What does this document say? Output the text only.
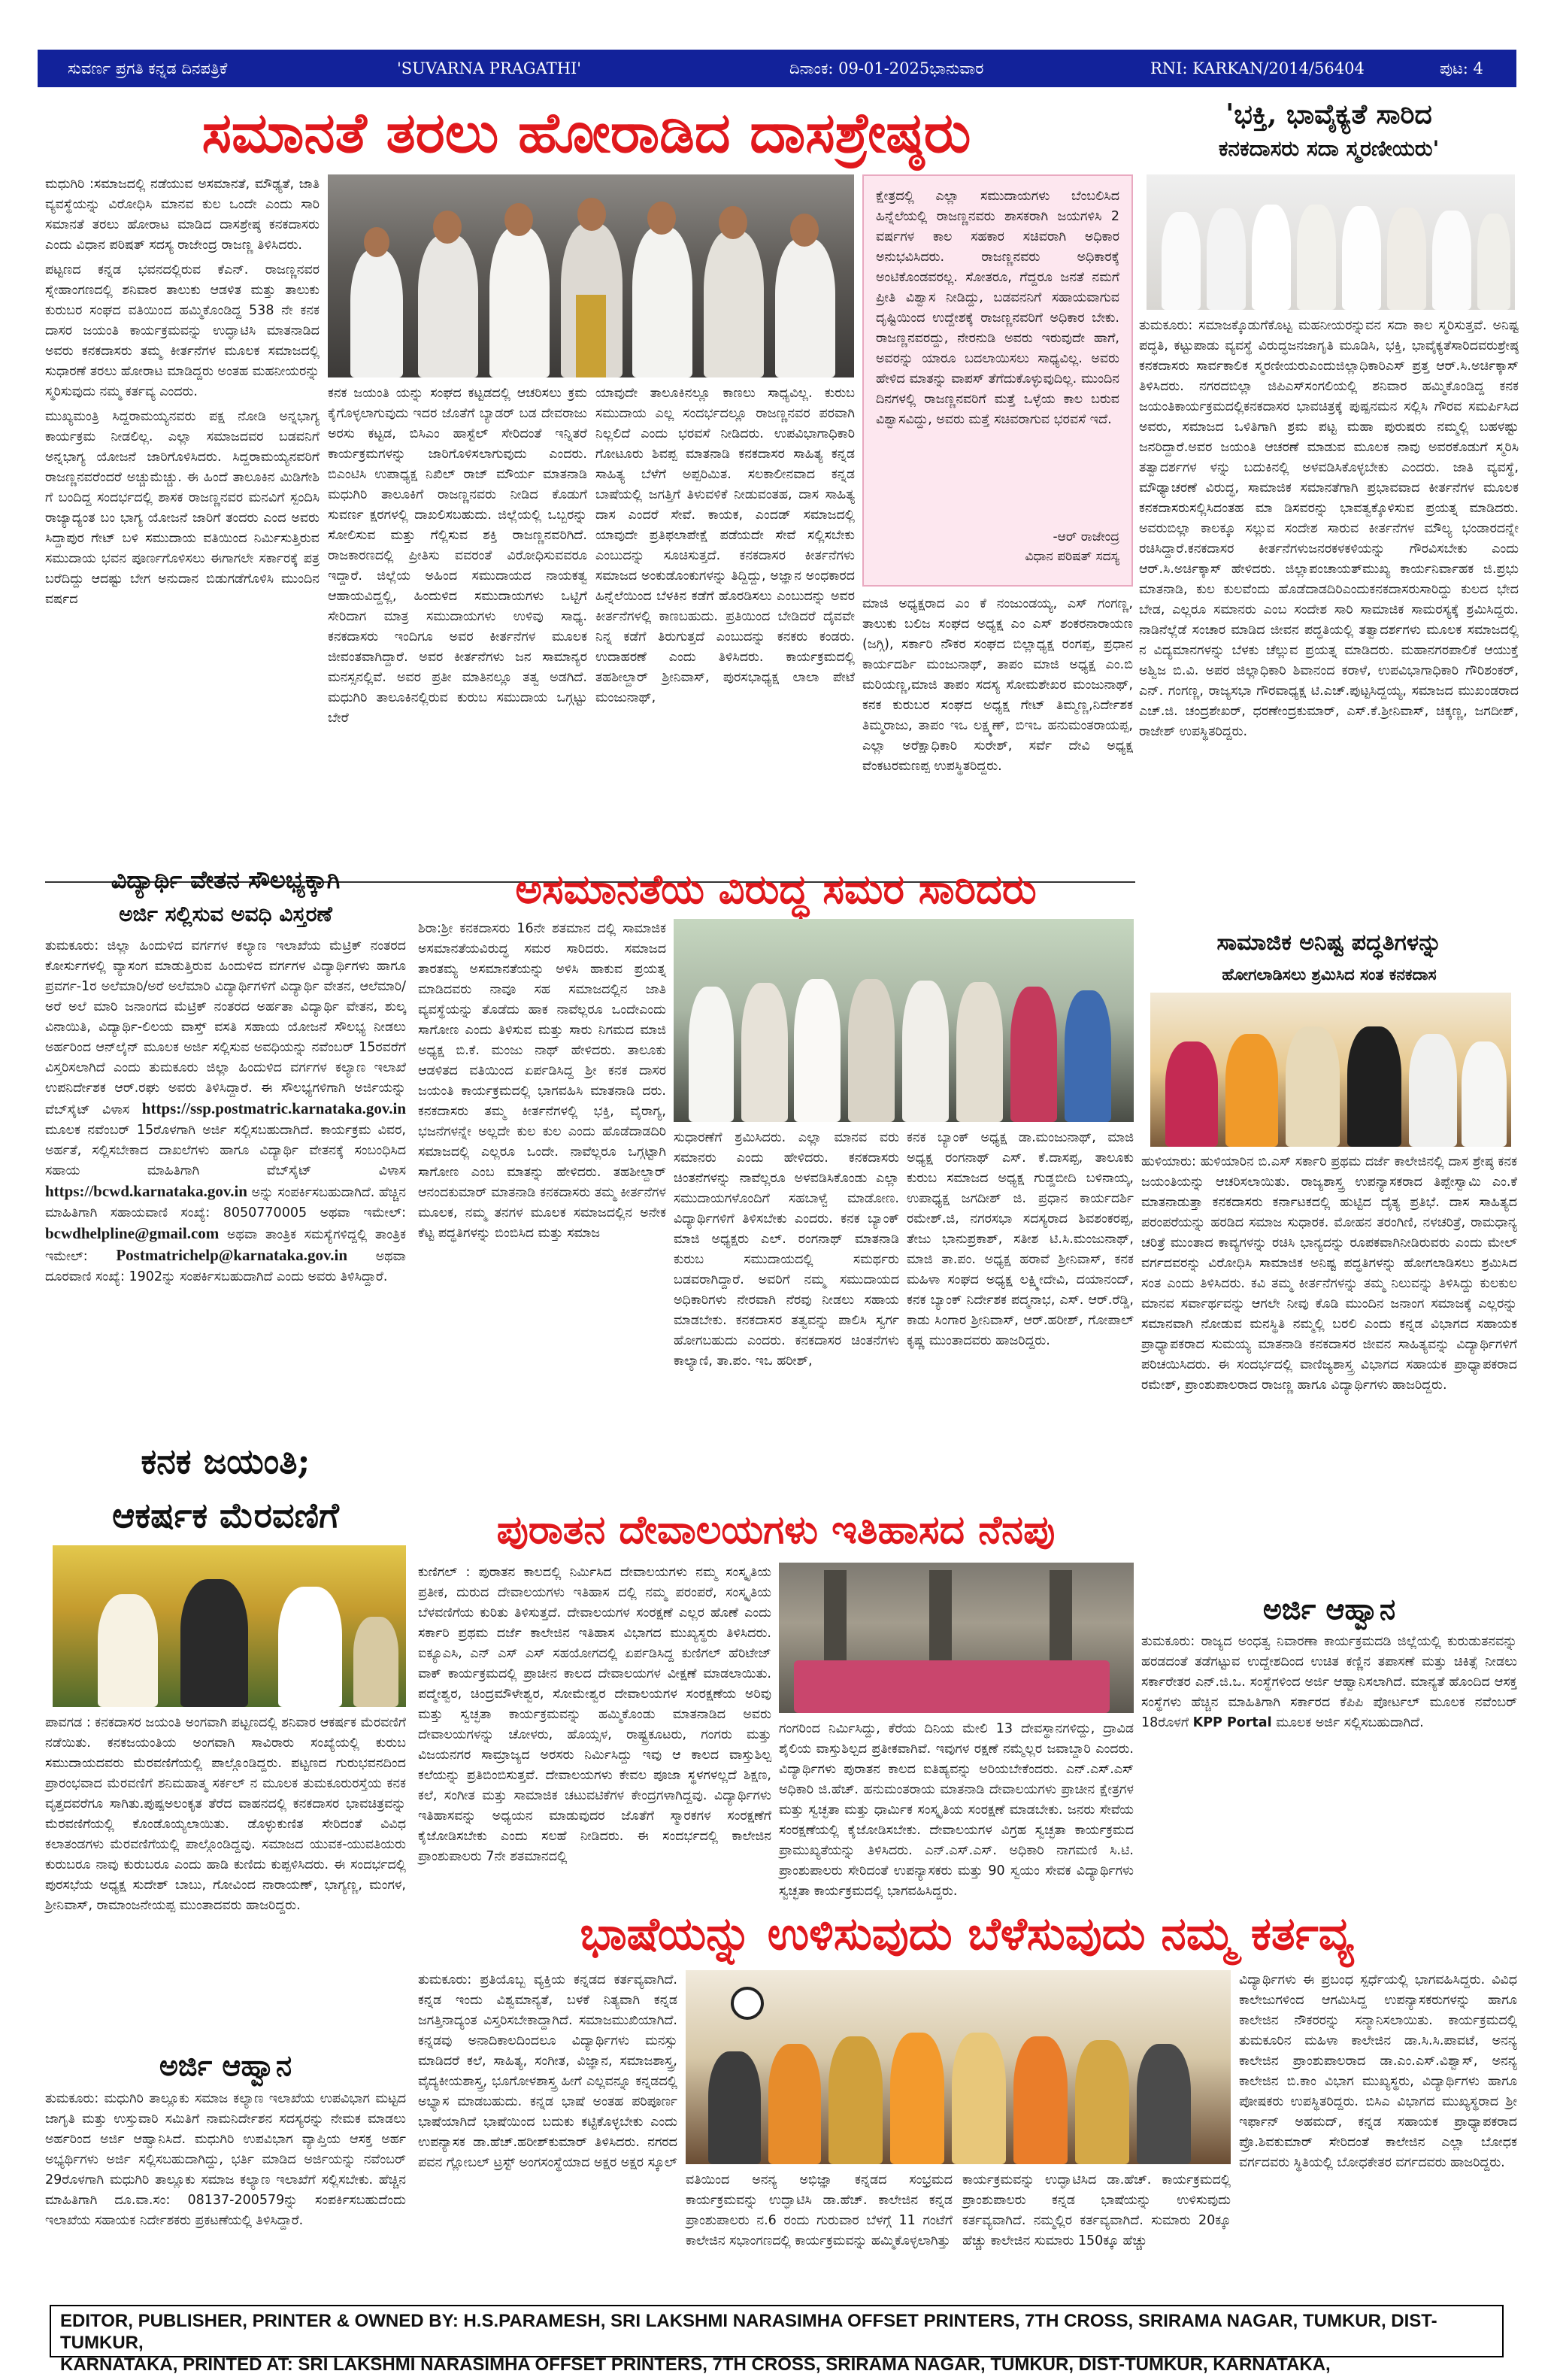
ಸುವರ್ಣ ಪ್ರಗತಿ ಕನ್ನಡ ದಿನಪತ್ರಿಕೆ	'SUVARNA PRAGATHI'	ದಿನಾಂಕ: 09-01-2025ಭಾನುವಾರ	RNI: KARKAN/2014/56404	ಪುಟ: 4
ಸಮಾನತೆ ತರಲು ಹೋರಾಡಿದ ದಾಸಶ್ರೇಷ್ಠರು

ಮಧುಗಿರಿ :ಸಮಾಜದಲ್ಲಿ ನಡೆಯುವ ಅಸಮಾನತೆ, ಮೌಢ್ಯತೆ, ಜಾತಿ ವ್ಯವಸ್ಥೆಯನ್ನು ವಿರೋಧಿಸಿ ಮಾನವ ಕುಲ ಒಂದೇ ಎಂದು ಸಾರಿ ಸಮಾನತೆ ತರಲು ಹೋರಾಟ ಮಾಡಿದ ದಾಸಶ್ರೇಷ್ಠ ಕನಕದಾಸರು ಎಂದು ವಿಧಾನ ಪರಿಷತ್ ಸದಸ್ಯ ರಾಜೇಂದ್ರ ರಾಜಣ್ಣ ತಿಳಿಸಿದರು.

ಪಟ್ಟಣದ ಕನ್ನಡ ಭವನದಲ್ಲಿರುವ ಕೆಎನ್. ರಾಜಣ್ಣನವರ ಸ್ನೇಹಾಂಗಣದಲ್ಲಿ ಶನಿವಾರ ತಾಲುಕು ಆಡಳಿತ ಮತ್ತು ತಾಲುಕು ಕುರುಬರ ಸಂಘದ ವತಿಯಿಂದ ಹಮ್ಮಿಕೊಂಡಿದ್ದ 538 ನೇ ಕನಕ ದಾಸರ ಜಯಂತಿ ಕಾರ್ಯಕ್ರಮವನ್ನು ಉದ್ಘಾಟಿಸಿ ಮಾತನಾಡಿದ ಅವರು ಕನಕದಾಸರು ತಮ್ಮ ಕೀರ್ತನೆಗಳ ಮೂಲಕ ಸಮಾಜದಲ್ಲಿ ಸುಧಾರಣೆ ತರಲು ಹೋರಾಟ ಮಾಡಿದ್ದರು ಅಂತಹ ಮಹನೀಯರನ್ನು ಸ್ಮರಿಸುವುದು ನಮ್ಮ ಕರ್ತವ್ಯ ಎಂದರು.

ಮುಖ್ಯಮಂತ್ರಿ ಸಿದ್ದರಾಮಯ್ಯನವರು ಪಕ್ಷ ನೋಡಿ ಅನ್ನಭಾಗ್ಯ ಕಾರ್ಯಕ್ರಮ ನೀಡಲಿಲ್ಲ. ಎಲ್ಲಾ ಸಮಾಜದವರ ಬಡವನಿಗೆ ಅನ್ನಭಾಗ್ಯ ಯೋಜನೆ ಜಾರಿಗೊಳಿಸಿದರು. ಸಿದ್ದರಾಮಯ್ಯನವರಿಗೆ ರಾಜಣ್ಣನವರೆಂದರೆ ಅಚ್ಚುಮೆಚ್ಚು. ಈ ಹಿಂದೆ ತಾಲೂಕಿನ ಮಿಡಿಗೇಶಿ ಗೆ ಬಂದಿದ್ದ ಸಂದರ್ಭದಲ್ಲಿ ಶಾಸಕ ರಾಜಣ್ಣನವರ ಮನವಿಗೆ ಸ್ಪಂದಿಸಿ ರಾಜ್ಯಾದ್ಯಂತ ಬಂ ಭಾಗ್ಯ ಯೋಜನೆ ಜಾರಿಗೆ ತಂದರು ಎಂದ ಅವರು ಸಿದ್ದಾಪುರ ಗೇಟ್ ಬಳಿ ಸಮುದಾಯ ವತಿಯಿಂದ ನಿರ್ಮಿಸುತ್ತಿರುವ ಸಮುದಾಯ ಭವನ ಪೂರ್ಣಗೊಳಿಸಲು ಈಗಾಗಲೇ ಸರ್ಕಾರಕ್ಕೆ ಪತ್ರ ಬರೆದಿದ್ದು ಆದಷ್ಟು ಬೇಗ ಅನುದಾನ ಬಿಡುಗಡೆಗೊಳಿಸಿ ಮುಂದಿನ ವರ್ಷದ

ಕನಕ ಜಯಂತಿ ಯನ್ನು ಸಂಘದ ಕಟ್ಟಡದಲ್ಲಿ ಆಚರಿಸಲು ಕ್ರಮ ಕೈಗೊಳ್ಳಲಾಗುವುದು ಇದರ ಜೊತೆಗೆ ಬ್ಯಾಡರ್ ಬಡ ದೇವರಾಜು ಅರಸು ಕಟ್ಟಡ, ಬಿಸಿಎಂ ಹಾಸ್ಟೆಲ್ ಸೇರಿದಂತೆ ಇನ್ನಿತರೆ ಕಾರ್ಯಕ್ರಮಗಳನ್ನು ಜಾರಿಗೊಳಿಸಲಾಗುವುದು ಎಂದರು. ಬಿಎಂಟಿಸಿ ಉಪಾಧ್ಯಕ್ಷ ನಿಖಿಲ್ ರಾಜ್ ಮೌರ್ಯ ಮಾತನಾಡಿ ಮಧುಗಿರಿ ತಾಲೂಕಿಗೆ ರಾಜಣ್ಣನವರು ನೀಡಿದ ಕೊಡುಗೆ ಸುವರ್ಣ ಕ್ಷರಗಳಲ್ಲಿ ದಾಖಲಿಸಬಹುದು. ಜಿಲ್ಲೆಯಲ್ಲಿ ಒಬ್ಬರನ್ನು ಸೋಲಿಸುವ ಮತ್ತು ಗೆಲ್ಲಿಸುವ ಶಕ್ತಿ ರಾಜಣ್ಣನವರಿಗಿದೆ. ರಾಜಕಾರಣದಲ್ಲಿ ಪ್ರೀತಿಸು ವವರಂತೆ ವಿರೋಧಿಸುವವರೂ ಇದ್ದಾರೆ. ಜಿಲ್ಲೆಯ ಅಹಿಂದ ಸಮುದಾಯದ ನಾಯಕತ್ವ ಆಹಾಯವಿದ್ದಲ್ಲಿ, ಹಿಂದುಳಿದ ಸಮುದಾಯಗಳು ಒಟ್ಟಿಗೆ ಸೇರಿದಾಗ ಮಾತ್ರ ಸಮುದಾಯಗಳು ಉಳಿವು ಸಾಧ್ಯ. ಕನಕದಾಸರು ಇಂದಿಗೂ ಅವರ ಕೀರ್ತನೆಗಳ ಮೂಲಕ ಜೀವಂತವಾಗಿದ್ದಾರೆ. ಅವರ ಕೀರ್ತನೆಗಳು ಜನ ಸಾಮಾನ್ಯರ ಮನಸ್ಸನಲ್ಲಿವೆ. ಅವರ ಪ್ರತೀ ಮಾತಿನಲ್ಲೂ ತತ್ವ ಅಡಗಿದೆ. ಮಧುಗಿರಿ ತಾಲೂಕಿನಲ್ಲಿರುವ ಕುರುಬ ಸಮುದಾಯ ಒಗ್ಗಟ್ಟು ಬೇರೆ
ಯಾವುದೇ ತಾಲೂಕಿನಲ್ಲೂ ಕಾಣಲು ಸಾಧ್ಯವಿಲ್ಲ. ಕುರುಬ ಸಮುದಾಯ ಎಲ್ಲ ಸಂದರ್ಭದಲ್ಲೂ ರಾಜಣ್ಣನವರ ಪರವಾಗಿ ನಿಲ್ಲಲಿದೆ ಎಂದು ಭರವಸೆ ನೀಡಿದರು. ಉಪವಿಭಾಗಾಧಿಕಾರಿ ಗೋಟೂರು ಶಿವಪ್ಪ ಮಾತನಾಡಿ ಕನಕದಾಸರ ಸಾಹಿತ್ಯ ಕನ್ನಡ ಸಾಹಿತ್ಯ ಬೆಳೆಗೆ ಅಪ್ಪರಿಮಿತ. ಸಲಕಾಲೀನವಾದ ಕನ್ನಡ ಬಾಷೆಯಲ್ಲಿ ಜಗತ್ತಿಗೆ ತಿಳುವಳಿಕೆ ನೀಡುವಂತಹ, ದಾಸ ಸಾಹಿತ್ಯ ದಾಸ ಎಂದರೆ ಸೇವೆ. ಕಾಯಕ, ಎಂದಡ್ ಸಮಾಜದಲ್ಲಿ ಯಾವುದೇ ಪ್ರತಿಫಲಾಪೇಕ್ಷೆ ಪಡೆಯದೇ ಸೇವೆ ಸಲ್ಲಿಸಬೇಕು ಎಂಬುದನ್ನು ಸೂಚಿಸುತ್ತದೆ. ಕನಕದಾಸರ ಕೀರ್ತನೆಗಳು ಸಮಾಜದ ಅಂಕುಡೊಂಕುಗಳನ್ನು ತಿದ್ದಿದ್ದು, ಅಜ್ಞಾನ ಅಂಧಕಾರದ ಹಿನ್ನೆಲೆಯಿಂದ ಬೆಳಕಿನ ಕಡೆಗೆ ಹೊರಡಿಸಲು ಎಂಬುದನ್ನು ಅವರ ಕೀರ್ತನೆಗಳಲ್ಲಿ ಕಾಣಬಹುದು. ಪ್ರತಿಯಿಂದ ಬೇಡಿದರೆ ದೈವವೇ ನಿನ್ನ ಕಡೆಗೆ ತಿರುಗುತ್ತದೆ ಎಂಬುದನ್ನು ಕನಕರು ಕಂಡರು. ಉದಾಹರಣೆ ಎಂದು ತಿಳಿಸಿದರು. ಕಾರ್ಯಕ್ರಮದಲ್ಲಿ ತಹಶೀಲ್ದಾರ್ ಶ್ರೀನಿವಾಸ್, ಪುರಸಭಾಧ್ಯಕ್ಷ ಲಾಲಾ ಪೇಟೆ ಮಂಜುನಾಥ್,
ಕ್ಷೇತ್ರದಲ್ಲಿ ಎಲ್ಲಾ ಸಮುದಾಯಗಳು ಬೆಂಬಲಿಸಿದ ಹಿನ್ನೆಲೆಯಲ್ಲಿ ರಾಜಣ್ಣನವರು ಶಾಸಕರಾಗಿ ಜಯಗಳಿಸಿ 2 ವರ್ಷಗಳ ಕಾಲ ಸಹಕಾರ ಸಚಿವರಾಗಿ ಅಧಿಕಾರ ಅನುಭವಿಸಿದರು. ರಾಜಣ್ಣನವರು ಅಧಿಕಾರಕ್ಕೆ ಅಂಟಿಕೊಂಡವರಲ್ಲ. ಸೋತರೂ, ಗೆದ್ದರೂ ಜನತೆ ನಮಗೆ ಪ್ರೀತಿ ವಿಶ್ವಾಸ ನೀಡಿದ್ದು, ಬಡವನನಿಗೆ ಸಹಾಯವಾಗುವ ದೃಷ್ಟಿಯಿಂದ ಉದ್ದೇಶಕ್ಕೆ ರಾಜಣ್ಣನವರಿಗೆ ಅಧಿಕಾರ ಬೇಕು. ರಾಜಣ್ಣನವರದ್ದು, ನೇರನುಡಿ ಅವರು ಇರುವುದೇ ಹಾಗೆ, ಅವರನ್ನು ಯಾರೂ ಬದಲಾಯಿಸಲು ಸಾಧ್ಯವಿಲ್ಲ. ಅವರು ಹೇಳಿದ ಮಾತನ್ನು ವಾಪಸ್ ತೆಗೆದುಕೊಳ್ಳುವುದಿಲ್ಲ. ಮುಂದಿನ ದಿನಗಳಲ್ಲಿ ರಾಜಣ್ಣನವರಿಗೆ ಮತ್ತೆ ಒಳ್ಳೆಯ ಕಾಲ ಬರುವ ವಿಶ್ವಾಸವಿದ್ದು, ಅವರು ಮತ್ತೆ ಸಚಿವರಾಗುವ ಭರವಸೆ ಇದೆ.
-ಆರ್ ರಾಜೇಂದ್ರ
ವಿಧಾನ ಪರಿಷತ್ ಸದಸ್ಯ
ಮಾಜಿ ಅಧ್ಯಕ್ಷರಾದ ಎಂ ಕೆ ನಂಜುಂಡಯ್ಯ, ಎಸ್ ಗಂಗಣ್ಣ, ತಾಲುಕು ಬಲಿಜ ಸಂಘದ ಅಧ್ಯಕ್ಷ ಎಂ ಎಸ್ ಶಂಕರನಾರಾಯಣ (ಜಗ್ಗಿ), ಸರ್ಕಾರಿ ನೌಕರ ಸಂಘದ ಬಿಲ್ಲಾಧ್ಯಕ್ಷ ರಂಗಪ್ಪ, ಪ್ರಧಾನ ಕಾರ್ಯದರ್ಶಿ ಮಂಜುನಾಥ್, ತಾಪಂ ಮಾಜಿ ಅಧ್ಯಕ್ಷ ಎಂ.ಬಿ ಮರಿಯಣ್ಣ,ಮಾಜಿ ತಾಪಂ ಸದಸ್ಯ ಸೋಮಶೇಖರ ಮಂಜುನಾಥ್, ಕನಕ ಕುರುಬರ ಸಂಘದ ಅಧ್ಯಕ್ಷ ಗೇಟ್ ತಿಮ್ಮಣ್ಣ,ನಿರ್ದೇಶಕ ತಿಮ್ಮರಾಜು, ತಾಪಂ ಇಒ ಲಕ್ಷ್ಮಣ್, ಬಿಇಒ ಹನುಮಂತರಾಯಪ್ಪ, ಎಲ್ಲಾ ಅರೆಕ್ಷಾಧಿಕಾರಿ ಸುರೇಶ್, ಸರ್ವೆ ದೇವಿ ಅಧ್ಯಕ್ಷ ವೆಂಕಟರಮಣಪ್ಪ ಉಪಸ್ಥಿತರಿದ್ದರು.
'ಭಕ್ತಿ, ಭಾವೈಕ್ಯತೆ ಸಾರಿದ
ಕನಕದಾಸರು ಸದಾ ಸ್ಮರಣೀಯರು'
ತುಮಕೂರು: ಸಮಾಜಕ್ಕೊಡುಗೆಕೊಟ್ಟ ಮಹನೀಯರನ್ನುವನ ಸದಾ ಕಾಲ ಸ್ಮರಿಸುತ್ತವೆ. ಅನಿಷ್ಟ ಪದ್ಧತಿ, ಕಟ್ಟುಪಾಡು ವ್ಯವಸ್ಥೆ ವಿರುದ್ಧಜನಜಾಗೃತಿ ಮೂಡಿಸಿ, ಭಕ್ತಿ, ಭಾವೈಕ್ಯತೆಸಾರಿದವರುಶ್ರೇಷ್ಠ ಕನಕದಾಸರು ಸಾರ್ವಕಾಲಿಕ ಸ್ಮರಣೀಯರುಎಂದುಜಿಲ್ಲಾಧಿಕಾರಿಎಸ್ ಪ್ರತ್ತ ಆರ್.ಸಿ.ಅರ್ಚಿಕ್ಕಾಸ್ ತಿಳಿಸಿದರು. ನಗರದಬಿಲ್ಲಾ ಜಿಪಿಎಸ್‌ಸಂಗಲಿಯಲ್ಲಿ ಶನಿವಾರ ಹಮ್ಮಿಕೊಂಡಿದ್ದ ಕನಕ ಜಯಂತಿಕಾರ್ಯಕ್ರಮದಲ್ಲಿಕನಕದಾಸರ ಭಾವಚಿತ್ರಕ್ಕೆ ಪುಷ್ಪನಮನ ಸಲ್ಲಿಸಿ ಗೌರವ ಸಮರ್ಪಿಸಿದ ಅವರು, ಸಮಾಜದ ಒಳಿತಿಗಾಗಿ ಶ್ರಮ ಪಟ್ಟ ಮಹಾ ಪುರುಷರು ನಮ್ಮಲ್ಲಿ ಬಹಳಷ್ಟು ಜನರಿದ್ದಾರೆ.ಅವರ ಜಯಂತಿ ಆಚರಣೆ ಮಾಡುವ ಮೂಲಕ ನಾವು ಅವರಕೊಡುಗೆ ಸ್ಮರಿಸಿ ತತ್ವಾದರ್ಶಗಳ ಳನ್ನು ಬದುಕಿನಲ್ಲಿ ಅಳವಡಿಸಿಕೊಳ್ಳಬೇಕು ಎಂದರು. ಜಾತಿ ವ್ಯವಸ್ಥೆ, ಮೌಢ್ಯಾಚರಣೆ ವಿರುದ್ಧ, ಸಾಮಾಜಿಕ ಸಮಾನತೆಗಾಗಿ ಪ್ರಭಾವವಾದ ಕೀರ್ತನೆಗಳ ಮೂಲಕ ಕನಕದಾಸರುಸಲ್ಲಿಸಿದಂತಹ ಮಾ ಡಿಸವರನ್ನು ಭಾವತ್ವಕ್ಕೊಳಿಸುವ ಪ್ರಯತ್ನ ಮಾಡಿದರು. ಅವರುಬಿಲ್ಲಾ ಕಾಲಕ್ಕೂ ಸಲ್ಲುವ ಸಂದೇಶ ಸಾರುವ ಕೀರ್ತನೆಗಳ ಮೌಲ್ಯ ಭಂಡಾರದನ್ನೇ ರಚಿಸಿದ್ದಾರೆ.ಕನಕದಾಸರ ಕೀರ್ತನೆಗಳುಜನರಕಳಕಳಿಯನ್ನು ಗೌರವಿಸಬೇಕು ಎಂದು ಆರ್.ಸಿ.ಅರ್ಚಿಕ್ಕಾಸ್ ಹೇಳಿದರು. ಜಿಲ್ಲಾಪಂಚಾಯತ್‌ಮುಖ್ಯ ಕಾರ್ಯನಿರ್ವಾಹಕ ಜಿ.ಪ್ರಭು ಮಾತನಾಡಿ, ಕುಲ ಕುಲವೆಂದು ಹೊಡೆದಾಡದಿರಿಎಂದುಕನಕದಾಸರುಸಾರಿದ್ದು ಕುಲದ ಭೇದ ಬೇಡ, ಎಲ್ಲರೂ ಸಮಾನರು ಎಂಬ ಸಂದೇಶ ಸಾರಿ ಸಾಮಾಜಿಕ ಸಾಮರಸ್ಯಕ್ಕೆ ಶ್ರಮಿಸಿದ್ದರು. ನಾಡಿನೆಲ್ಲೆಡೆ ಸಂಚಾರ ಮಾಡಿದ ಜೀವನ ಪದ್ಧತಿಯಲ್ಲಿ ತತ್ವಾದರ್ಶಗಳು ಮೂಲಕ ಸಮಾಜದಲ್ಲಿ ನ ವಿದ್ಯಮಾನಗಳನ್ನು ಬೆಳಕು ಚೆಲ್ಲುವ ಪ್ರಯತ್ನ ಮಾಡಿದರು. ಮಹಾನಗರಪಾಲಿಕೆ ಆಯುಕ್ತೆ ಅಶ್ವಿಜ ಬಿ.ವಿ. ಅಪರ ಜಿಲ್ಲಾಧಿಕಾರಿ ಶಿವಾನಂದ ಕರಾಳೆ, ಉಪವಿಭಾಗಾಧಿಕಾರಿ ಗೌರಿಶಂಕರ್, ಎನ್. ಗಂಗಣ್ಣ, ರಾಜ್ಯಸಭಾ ಗೌರವಾಧ್ಯಕ್ಷ ಟಿ.ಎಚ್.ಪುಟ್ಟಸಿದ್ದಯ್ಯ, ಸಮಾಜದ ಮುಖಂಡರಾದ ಎಚ್.ಜಿ. ಚಂದ್ರಶೇಖರ್, ಧರಣೇಂದ್ರಕುಮಾರ್, ಎಸ್.ಕೆ.ಶ್ರೀನಿವಾಸ್, ಚಿಕ್ಕಣ್ಣ, ಜಗದೀಶ್, ರಾಜೇಶ್ ಉಪಸ್ಥಿತರಿದ್ದರು.
ವಿದ್ಯಾರ್ಥಿ ವೇತನ ಸೌಲಭ್ಯಕ್ಕಾಗಿ
ಅರ್ಜಿ ಸಲ್ಲಿಸುವ ಅವಧಿ ವಿಸ್ತರಣೆ
ತುಮಕೂರು: ಜಿಲ್ಲಾ ಹಿಂದುಳಿದ ವರ್ಗಗಳ ಕಲ್ಯಾಣ ಇಲಾಖೆಯ ಮೆಟ್ರಿಕ್ ನಂತರದ ಕೋರ್ಸುಗಳಲ್ಲಿ ವ್ಯಾಸಂಗ ಮಾಡುತ್ತಿರುವ ಹಿಂದುಳಿದ ವರ್ಗಗಳ ವಿದ್ಯಾರ್ಥಿಗಳು ಹಾಗೂ ಪ್ರವರ್ಗ-1ರ ಅಲೆಮಾರಿ/ಅರೆ ಅಲೆಮಾರಿ ವಿದ್ಯಾರ್ಥಿಗಳಿಗೆ ವಿದ್ಯಾರ್ಥಿ ವೇತನ, ಆಲೆಮಾರಿ/ಅರೆ ಅಲೆ ಮಾರಿ ಜನಾಂಗದ ಮೆಟ್ರಿಕ್ ನಂತರದ ಅರ್ಹತಾ ವಿದ್ಯಾರ್ಥಿ ವೇತನ, ಶುಲ್ಕ ವಿನಾಯಿತಿ, ವಿದ್ಯಾರ್ಥಿ-ಲಿಲಯ ವಾಸ್ತ್ ವಸತಿ ಸಹಾಯ ಯೋಜನೆ ಸೌಲಭ್ಯ ನೀಡಲು ಅರ್ಹರಿಂದ ಆನ್‌ಲೈನ್ ಮೂಲಕ ಅರ್ಜಿ ಸಲ್ಲಿಸುವ ಅವಧಿಯನ್ನು ನವೆಂಬರ್ 15ರವರೆಗೆ ವಿಸ್ತರಿಸಲಾಗಿದೆ ಎಂದು ತುಮಕೂರು ಜಿಲ್ಲಾ ಹಿಂದುಳಿದ ವರ್ಗಗಳ ಕಲ್ಯಾಣ ಇಲಾಖೆ ಉಪನಿರ್ದೇಶಕ ಆರ್.ರಘು ಅವರು ತಿಳಿಸಿದ್ದಾರೆ. ಈ ಸೌಲಭ್ಯಗಳಿಗಾಗಿ ಅರ್ಜಿಯನ್ನು ವೆಬ್‌ಸೈಟ್ ವಿಳಾಸ https://ssp.postmatric.karnataka.gov.in ಮೂಲಕ ನವೆಂಬರ್ 15ರೊಳಗಾಗಿ ಅರ್ಜಿ ಸಲ್ಲಿಸಬಹುದಾಗಿದೆ. ಕಾರ್ಯಕ್ರಮ ವಿವರ, ಅರ್ಹತೆ, ಸಲ್ಲಿಸಬೇಕಾದ ದಾಖಲೆಗಳು ಹಾಗೂ ವಿದ್ಯಾರ್ಥಿ ವೇತನಕ್ಕೆ ಸಂಬಂಧಿಸಿದ ಸಹಾಯ ಮಾಹಿತಿಗಾಗಿ ವೆಬ್‌ಸೈಟ್ ವಿಳಾಸ https://bcwd.karnataka.gov.in ಅನ್ನು ಸಂಪರ್ಕಿಸಬಹುದಾಗಿದೆ. ಹೆಚ್ಚಿನ ಮಾಹಿತಿಗಾಗಿ ಸಹಾಯವಾಣಿ ಸಂಖ್ಯೆ: 8050770005 ಅಥವಾ ಇಮೇಲ್: bcwdhelpline@gmail.com ಅಥವಾ ತಾಂತ್ರಿಕ ಸಮಸ್ಯೆಗಳಿದ್ದಲ್ಲಿ ತಾಂತ್ರಿಕ ಇಮೇಲ್: Postmatrichelp@karnataka.gov.in ಅಥವಾ ದೂರವಾಣಿ ಸಂಖ್ಯೆ: 1902ನ್ನು ಸಂಪರ್ಕಿಸಬಹುದಾಗಿದೆ ಎಂದು ಅವರು ತಿಳಿಸಿದ್ದಾರೆ.
ಕನಕ ಜಯಂತಿ;
ಆಕರ್ಷಕ ಮೆರವಣಿಗೆ
ಪಾವಗಡ : ಕನಕದಾಸರ ಜಯಂತಿ ಅಂಗವಾಗಿ ಪಟ್ಟಣದಲ್ಲಿ ಶನಿವಾರ ಆಕರ್ಷಕ ಮೆರವಣಿಗೆ ನಡೆಯಿತು. ಕನಕಜಯಂತಿಯ ಅಂಗವಾಗಿ ಸಾವಿರಾರು ಸಂಖ್ಯೆಯಲ್ಲಿ ಕುರುಬ ಸಮುದಾಯದವರು ಮೆರವಣಿಗೆಯಲ್ಲಿ ಪಾಲ್ಗೊಂಡಿದ್ದರು. ಪಟ್ಟಣದ ಗುರುಭವನದಿಂದ ಪ್ರಾರಂಭವಾದ ಮೆರವಣಿಗೆ ಶನಿಮಹಾತ್ಮ ಸರ್ಕಲ್ ನ ಮೂಲಕ ತುಮಕೂರುರಸ್ತೆಯ ಕನಕ ವೃತ್ತದವರೆಗೂ ಸಾಗಿತು.ಪುಷ್ಪಅಲಂಕೃತ ತೆರೆದ ವಾಹನದಲ್ಲಿ ಕನಕದಾಸರ ಭಾವಚಿತ್ರವನ್ನು ಮೆರವಣಿಗೆಯಲ್ಲಿ ಕೊಂಡೊಯ್ಯಲಾಯಿತು. ಡೊಳ್ಳುಕುಣಿತ ಸೇರಿದಂತೆ ವಿವಿಧ ಕಲಾತಂಡಗಳು ಮೆರವಣಿಗೆಯಲ್ಲಿ ಪಾಲ್ಗೊಂಡಿದ್ದವು. ಸಮಾಜದ ಯುವಕ-ಯುವತಿಯರು ಕುರುಬರೂ ನಾವು ಕುರುಬರೂ ಎಂದು ಹಾಡಿ ಕುಣಿದು ಕುಪ್ಪಳಿಸಿದರು. ಈ ಸಂದರ್ಭದಲ್ಲಿ ಪುರಸಭೆಯ ಅಧ್ಯಕ್ಷ ಸುದೇಶ್ ಬಾಬು, ಗೋವಿಂದ ನಾರಾಯಣ್, ಭಾಗ್ಯಣ್ಣ, ಮಂಗಳ, ಶ್ರೀನಿವಾಸ್, ರಾಮಾಂಜನೇಯಪ್ಪ ಮುಂತಾದವರು ಹಾಜರಿದ್ದರು.
ಅರ್ಜಿ ಆಹ್ವಾನ
ತುಮಕೂರು: ಮಧುಗಿರಿ ತಾಲ್ಲೂಕು ಸಮಾಜ ಕಲ್ಯಾಣ ಇಲಾಖೆಯ ಉಪವಿಭಾಗ ಮಟ್ಟದ ಜಾಗೃತಿ ಮತ್ತು ಉಸ್ತುವಾರಿ ಸಮಿತಿಗೆ ನಾಮನಿರ್ದೇಶನ ಸದಸ್ಯರನ್ನು ನೇಮಕ ಮಾಡಲು ಅರ್ಹರಿಂದ ಅರ್ಜಿ ಆಹ್ವಾನಿಸಿದೆ. ಮಧುಗಿರಿ ಉಪವಿಭಾಗ ವ್ಯಾಪ್ತಿಯ ಆಸಕ್ತ ಅರ್ಹ ಅಭ್ಯರ್ಥಿಗಳು ಅರ್ಜಿ ಸಲ್ಲಿಸಬಹುದಾಗಿದ್ದು, ಭರ್ತಿ ಮಾಡಿದ ಅರ್ಜಿಯನ್ನು ನವೆಂಬರ್ 29ರೊಳಗಾಗಿ ಮಧುಗಿರಿ ತಾಲ್ಲೂಕು ಸಮಾಜ ಕಲ್ಯಾಣ ಇಲಾಖೆಗೆ ಸಲ್ಲಿಸಬೇಕು. ಹೆಚ್ಚಿನ ಮಾಹಿತಿಗಾಗಿ ದೂ.ವಾ.ಸಂ: 08137-200579ನ್ನು ಸಂಪರ್ಕಿಸಬಹುದೆಂದು ಇಲಾಖೆಯ ಸಹಾಯಕ ನಿರ್ದೇಶಕರು ಪ್ರಕಟಣೆಯಲ್ಲಿ ತಿಳಿಸಿದ್ದಾರೆ.
ಅಸಮಾನತೆಯ ವಿರುದ್ಧ ಸಮರ ಸಾರಿದರು
ಶಿರಾ:ಶ್ರೀ ಕನಕದಾಸರು 16ನೇ ಶತಮಾನ ದಲ್ಲಿ ಸಾಮಾಜಿಕ ಅಸಮಾನತೆಯವಿರುದ್ಧ ಸಮರ ಸಾರಿದರು. ಸಮಾಜದ ತಾರತಮ್ಯ ಅಸಮಾನತೆಯನ್ನು ಅಳಿಸಿ ಹಾಕುವ ಪ್ರಯತ್ನ ಮಾಡಿದವರು ನಾವೂ ಸಹ ಸಮಾಜದಲ್ಲಿನ ಜಾತಿ ವ್ಯವಸ್ಥೆಯನ್ನು ತೊಡೆದು ಹಾಕ ನಾವೆಲ್ಲರೂ ಒಂದೇಎಂದು ಸಾಗೋಣ ಎಂದು ತಿಳಿಸುವ ಮತ್ತು ಸಾರು ನಿಗಮದ ಮಾಜಿ ಅಧ್ಯಕ್ಷ ಬಿ.ಕೆ. ಮಂಜು ನಾಥ್ ಹೇಳಿದರು. ತಾಲೂಕು ಆಡಳಿತದ ವತಿಯಿಂದ ಏರ್ಪಡಿಸಿದ್ದ ಶ್ರೀ ಕನಕ ದಾಸರ ಜಯಂತಿ ಕಾರ್ಯಕ್ರಮದಲ್ಲಿ ಭಾಗವಹಿಸಿ ಮಾತನಾಡಿ ದರು. ಕನಕದಾಸರು ತಮ್ಮ ಕೀರ್ತನೆಗಳಲ್ಲಿ ಭಕ್ತಿ, ವೈರಾಗ್ಯ, ಭಜನೆಗಳನ್ನೇ ಅಲ್ಲದೇ ಕುಲ ಕುಲ ಎಂದು ಹೊಡೆದಾಡದಿರಿ ಸಮಾಜದಲ್ಲಿ ಎಲ್ಲರೂ ಒಂದೇ. ನಾವೆಲ್ಲರೂ ಒಗ್ಗಟ್ಟಾಗಿ ಸಾಗೋಣ ಎಂಬ ಮಾತನ್ನು ಹೇಳಿದರು. ತಹಶೀಲ್ದಾರ್ ಆನಂದಕುಮಾರ್ ಮಾತನಾಡಿ ಕನಕದಾಸರು ತಮ್ಮ ಕೀರ್ತನೆಗಳ ಮೂಲಕ, ನಮ್ಮ ತನಗಳ ಮೂಲಕ ಸಮಾಜದಲ್ಲಿನ ಅನೇಕ ಕೆಟ್ಟ ಪದ್ಧತಿಗಳನ್ನು ಬಿಂಬಿಸಿದ ಮತ್ತು ಸಮಾಜ
ಸುಧಾರಣೆಗೆ ಶ್ರಮಿಸಿದರು. ಎಲ್ಲಾ ಮಾನವ ವರು ಸಮಾನರು ಎಂದು ಹೇಳಿದರು. ಕನಕದಾಸರು ಚಿಂತನೆಗಳನ್ನು ನಾವೆಲ್ಲರೂ ಅಳವಡಿಸಿಕೊಂಡು ಎಲ್ಲಾ ಸಮುದಾಯಗಳೊಂದಿಗೆ ಸಹಬಾಳ್ವೆ ಮಾಡೋಣ. ವಿದ್ಯಾರ್ಥಿಗಳಿಗೆ ತಿಳಿಸಬೇಕು ಎಂದರು. ಕನಕ ಬ್ಯಾಂಕ್ ಮಾಜಿ ಅಧ್ಯಕ್ಷರು ಎಲ್. ರಂಗನಾಥ್ ಮಾತನಾಡಿ ಕುರುಬ ಸಮುದಾಯದಲ್ಲಿ ಸಮರ್ಥರು ಬಡವರಾಗಿದ್ದಾರೆ. ಅವರಿಗೆ ನಮ್ಮ ಸಮುದಾಯದ ಅಧಿಕಾರಿಗಳು ನೇರವಾಗಿ ನೆರವು ನೀಡಲು ಸಹಾಯ ಮಾಡಬೇಕು. ಕನಕದಾಸರ ತತ್ವವನ್ನು ಪಾಲಿಸಿ ಸ್ವರ್ಗ ಹೋಗಬಹುದು ಎಂದರು. ಕನಕದಾಸರ ಚಿಂತನೆಗಳು ಕಾಲ್ಯಾಣಿ, ತಾ.ಪಂ. ಇಒ ಹರೀಶ್,
ಕನಕ ಬ್ಯಾಂಕ್ ಅಧ್ಯಕ್ಷ ಡಾ.ಮಂಜುನಾಥ್, ಮಾಜಿ ಅಧ್ಯಕ್ಷ ರಂಗನಾಥ್ ಎಸ್. ಕೆ.ದಾಸಪ್ಪ, ತಾಲೂಕು ಕುರುಬ ಸಮಾಜದ ಅಧ್ಯಕ್ಷ ಗುಡ್ಡಬೀದಿ ಬಳಿನಾಯ್ಕ, ಉಪಾಧ್ಯಕ್ಷ ಜಗದೀಶ್ ಜಿ. ಪ್ರಧಾನ ಕಾರ್ಯದರ್ಶಿ ರಮೇಶ್.ಜಿ, ನಗರಸಭಾ ಸದಸ್ಯರಾದ ಶಿವಶಂಕರಪ್ಪ, ತೇಜು ಭಾನುಪ್ರಕಾಶ್, ಸತೀಶ ಟಿ.ಸಿ.ಮಂಜುನಾಥ್, ಮಾಜಿ ತಾ.ಪಂ. ಅಧ್ಯಕ್ಷ ಹರಾವೆ ಶ್ರೀನಿವಾಸ್, ಕನಕ ಮಹಿಳಾ ಸಂಘದ ಅಧ್ಯಕ್ಷ ಲಕ್ಷ್ಮೀದೇವಿ, ದಯಾನಂದ್, ಕನಕ ಬ್ಯಾಂಕ್ ನಿರ್ದೇಶಕ ಪದ್ಮನಾಭ, ಎಸ್. ಆರ್.ರೆಡ್ಡಿ, ಕಾಡು ಸಿಂಗಾರ ಶ್ರೀನಿವಾಸ್, ಆರ್.ಹರೀಶ್, ಗೋಪಾಲ್ ಕೃಷ್ಣ ಮುಂತಾದವರು ಹಾಜರಿದ್ದರು.
ಸಾಮಾಜಿಕ ಅನಿಷ್ಟ ಪದ್ಧತಿಗಳನ್ನು
ಹೋಗಲಾಡಿಸಲು ಶ್ರಮಿಸಿದ ಸಂತ ಕನಕದಾಸ
ಹುಳಿಯಾರು: ಹುಳಿಯಾರಿನ ಬಿ.ಎಸ್ ಸರ್ಕಾರಿ ಪ್ರಥಮ ದರ್ಜೆ ಕಾಲೇಜಿನಲ್ಲಿ ದಾಸ ಶ್ರೇಷ್ಠ ಕನಕ ಜಯಂತಿಯನ್ನು ಆಚರಿಸಲಾಯಿತು. ರಾಜ್ಯಶಾಸ್ತ್ರ ಉಪನ್ಯಾಸಕರಾದ ತಿಪ್ಪೇಸ್ವಾಮಿ ಎಂ.ಕೆ ಮಾತನಾಡುತ್ತಾ ಕನಕದಾಸರು ಕರ್ನಾಟಕದಲ್ಲಿ ಹುಟ್ಟಿದ ದೈತ್ಯ ಪ್ರತಿಭೆ. ದಾಸ ಸಾಹಿತ್ಯದ ಪರಂಪರೆಯನ್ನು ಹರಡಿದ ಸಮಾಜ ಸುಧಾರಕ. ಮೋಹನ ತರಂಗಿಣಿ, ನಳಚರಿತ್ರೆ, ರಾಮಧಾನ್ಯ ಚರಿತ್ರೆ ಮುಂತಾದ ಕಾವ್ಯಗಳನ್ನು ರಚಿಸಿ ಭಾನ್ಯದನ್ನು ರೂಪಕವಾಗಿನೀಡಿರುವರು ಎಂದು ಮೇಲ್ ವರ್ಗದವರನ್ನು ವಿರೋಧಿಸಿ ಸಾಮಾಜಿಕ ಅನಿಷ್ಟ ಪದ್ಧತಿಗಳನ್ನು ಹೋಗಲಾಡಿಸಲು ಶ್ರಮಿಸಿದ ಸಂತ ಎಂದು ತಿಳಿಸಿದರು. ಕವಿ ತಮ್ಮ ಕೀರ್ತನೆಗಳನ್ನು ತಮ್ಮ ನಿಲುವನ್ನು ತಿಳಿಸಿದ್ದು ಕುಲಕುಲ ಮಾನವ ಸರ್ವಾರ್ಥವನ್ನು ಆಗಲೇ ನೀವು ಕೊಡಿ ಮುಂದಿನ ಜನಾಂಗ ಸಮಾಜಕ್ಕೆ ಎಲ್ಲರನ್ನು ಸಮಾನವಾಗಿ ನೋಡುವ ಮನಸ್ಥಿತಿ ನಮ್ಮಲ್ಲಿ ಬರಲಿ ಎಂದು ಕನ್ನಡ ವಿಭಾಗದ ಸಹಾಯಕ ಪ್ರಾಧ್ಯಾಪಕರಾದ ಸುಮಯ್ಯ ಮಾತನಾಡಿ ಕನಕದಾಸರ ಜೀವನ ಸಾಹಿತ್ಯವನ್ನು ವಿದ್ಯಾರ್ಥಿಗಳಿಗೆ ಪರಿಚಯಿಸಿದರು. ಈ ಸಂದರ್ಭದಲ್ಲಿ ವಾಣಿಜ್ಯಶಾಸ್ತ್ರ ವಿಭಾಗದ ಸಹಾಯಕ ಪ್ರಾಧ್ಯಾಪಕರಾದ ರಮೇಶ್, ಪ್ರಾಂಶುಪಾಲರಾದ ರಾಜಣ್ಣ ಹಾಗೂ ವಿದ್ಯಾರ್ಥಿಗಳು ಹಾಜರಿದ್ದರು.
ಅರ್ಜಿ ಆಹ್ವಾನ
ತುಮಕೂರು: ರಾಜ್ಯದ ಅಂಧತ್ವ ನಿವಾರಣಾ ಕಾರ್ಯಕ್ರಮದಡಿ ಜಿಲ್ಲೆಯಲ್ಲಿ ಕುರುಡುತನವನ್ನು ಹರಡದಂತೆ ತಡೆಗಟ್ಟುವ ಉದ್ದೇಶದಿಂದ ಉಚಿತ ಕಣ್ಣಿನ ತಪಾಸಣೆ ಮತ್ತು ಚಿಕಿತ್ಸೆ ನೀಡಲು ಸರ್ಕಾರೇತರ ಎನ್.ಜಿ.ಒ. ಸಂಸ್ಥೆಗಳಿಂದ ಅರ್ಜಿ ಆಹ್ವಾನಿಸಲಾಗಿದೆ. ಮಾನ್ಯತೆ ಹೊಂದಿದ ಆಸಕ್ತ ಸಂಸ್ಥೆಗಳು ಹೆಚ್ಚಿನ ಮಾಹಿತಿಗಾಗಿ ಸರ್ಕಾರದ ಕೆಪಿಪಿ ಪೋರ್ಟಲ್ ಮೂಲಕ ನವೆಂಬರ್ 18ರೊಳಗೆ KPP Portal ಮೂಲಕ ಅರ್ಜಿ ಸಲ್ಲಿಸಬಹುದಾಗಿದೆ.
ಪುರಾತನ ದೇವಾಲಯಗಳು ಇತಿಹಾಸದ ನೆನಪು
ಕುಣಿಗಲ್ : ಪುರಾತನ ಕಾಲದಲ್ಲಿ ನಿರ್ಮಿಸಿದ ದೇವಾಲಯಗಳು ನಮ್ಮ ಸಂಸ್ಕೃತಿಯ ಪ್ರತೀಕ, ದುರುದ ದೇವಾಲಯಗಳು ಇತಿಹಾಸ ದಲ್ಲಿ ನಮ್ಮ ಪರಂಪರೆ, ಸಂಸ್ಕೃತಿಯ ಬೆಳವಣಿಗೆಯ ಕುರಿತು ತಿಳಿಸುತ್ತದೆ. ದೇವಾಲಯಗಳ ಸಂರಕ್ಷಣೆ ಎಲ್ಲರ ಹೊಣೆ ಎಂದು ಸರ್ಕಾರಿ ಪ್ರಥಮ ದರ್ಜೆ ಕಾಲೇಜಿನ ಇತಿಹಾಸ ವಿಭಾಗದ ಮುಖ್ಯಸ್ಥರು ತಿಳಿಸಿದರು. ಐಕ್ಯೂಎಸಿ, ಎನ್ ಎಸ್ ಎಸ್ ಸಹಯೋಗದಲ್ಲಿ ಏರ್ಪಡಿಸಿದ್ದ ಕುಣಿಗಲ್ ಹೆರಿಟೇಜ್ ವಾಕ್ ಕಾರ್ಯಕ್ರಮದಲ್ಲಿ ಪ್ರಾಚೀನ ಕಾಲದ ದೇವಾಲಯಗಳ ವೀಕ್ಷಣೆ ಮಾಡಲಾಯಿತು. ಪದ್ಮೇಶ್ವರ, ಚಿಂದ್ರಮೌಳೇಶ್ವರ, ಸೋಮೇಶ್ವರ ದೇವಾಲಯಗಳ ಸಂರಕ್ಷಣೆಯ ಅರಿವು ಮತ್ತು ಸ್ವಚ್ಛತಾ ಕಾರ್ಯಕ್ರಮವನ್ನು ಹಮ್ಮಿಕೊಂಡು ಮಾತನಾಡಿದ ಅವರು ದೇವಾಲಯಗಳನ್ನು ಚೋಳರು, ಹೊಯ್ಸಳ, ರಾಷ್ಟ್ರಕೂಟರು, ಗಂಗರು ಮತ್ತು ವಿಜಯನಗರ ಸಾಮ್ರಾಜ್ಯದ ಅರಸರು ನಿರ್ಮಿಸಿದ್ದು ಇವು ಆ ಕಾಲದ ವಾಸ್ತುಶಿಲ್ಪ ಕಲೆಯನ್ನು ಪ್ರತಿಬಿಂಬಿಸುತ್ತವೆ. ದೇವಾಲಯಗಳು ಕೇವಲ ಪೂಜಾ ಸ್ಥಳಗಳಲ್ಲದೆ ಶಿಕ್ಷಣ, ಕಲೆ, ಸಂಗೀತ ಮತ್ತು ಸಾಮಾಜಿಕ ಚಟುವಟಿಕೆಗಳ ಕೇಂದ್ರಗಳಾಗಿದ್ದವು. ವಿದ್ಯಾರ್ಥಿಗಳು ಇತಿಹಾಸವನ್ನು ಅಧ್ಯಯನ ಮಾಡುವುದರ ಜೊತೆಗೆ ಸ್ಮಾರಕಗಳ ಸಂರಕ್ಷಣೆಗೆ ಕೈಜೋಡಿಸಬೇಕು ಎಂದು ಸಲಹೆ ನೀಡಿದರು. ಈ ಸಂದರ್ಭದಲ್ಲಿ ಕಾಲೇಜಿನ ಪ್ರಾಂಶುಪಾಲರು 7ನೇ ಶತಮಾನದಲ್ಲಿ
ಗಂಗರಿಂದ ನಿರ್ಮಿಸಿದ್ದು, ಕೆರೆಯ ದಿನಿಯ ಮೇಲಿ 13 ದೇವಸ್ಥಾನಗಳಿದ್ದು, ದ್ರಾವಿಡ ಶೈಲಿಯ ವಾಸ್ತುಶಿಲ್ಪದ ಪ್ರತೀಕವಾಗಿವೆ. ಇವುಗಳ ರಕ್ಷಣೆ ನಮ್ಮೆಲ್ಲರ ಜವಾಬ್ದಾರಿ ಎಂದರು. ವಿದ್ಯಾರ್ಥಿಗಳು ಪುರಾತನ ಕಾಲದ ಐತಿಹ್ಯವನ್ನು ಅರಿಯಬೇಕೆಂದರು. ಎನ್.ಎಸ್.ಎಸ್ ಅಧಿಕಾರಿ ಜಿ.ಹೆಚ್. ಹನುಮಂತರಾಯ ಮಾತನಾಡಿ ದೇವಾಲಯಗಳು ಪ್ರಾಚೀನ ಕ್ಷೇತ್ರಗಳ ಮತ್ತು ಸ್ವಚ್ಛತಾ ಮತ್ತು ಧಾರ್ಮಿಕ ಸಂಸ್ಕೃತಿಯ ಸಂರಕ್ಷಣೆ ಮಾಡಬೇಕು. ಜನರು ಸೇವೆಯ ಸಂರಕ್ಷಣೆಯಲ್ಲಿ ಕೈಜೋಡಿಸಬೇಕು. ದೇವಾಲಯಗಳ ವಿಗ್ರಹ ಸ್ವಚ್ಛತಾ ಕಾರ್ಯಕ್ರಮದ ಪ್ರಾಮುಖ್ಯತೆಯನ್ನು ತಿಳಿಸಿದರು. ಎನ್.ಎಸ್.ಎಸ್. ಅಧಿಕಾರಿ ನಾಗಮಣಿ ಸಿ.ಟಿ. ಪ್ರಾಂಶುಪಾಲರು ಸೇರಿದಂತೆ ಉಪನ್ಯಾಸಕರು ಮತ್ತು 90 ಸ್ವಯಂ ಸೇವಕ ವಿದ್ಯಾರ್ಥಿಗಳು ಸ್ವಚ್ಛತಾ ಕಾರ್ಯಕ್ರಮದಲ್ಲಿ ಭಾಗವಹಿಸಿದ್ದರು.
ಭಾಷೆಯನ್ನು ಉಳಿಸುವುದು ಬೆಳೆಸುವುದು ನಮ್ಮ ಕರ್ತವ್ಯ
ತುಮಕೂರು: ಪ್ರತಿಯೊಬ್ಬ ವ್ಯಕ್ತಿಯ ಕನ್ನಡದ ಕರ್ತವ್ಯವಾಗಿದೆ. ಕನ್ನಡ ಇಂದು ವಿಶ್ವಮಾನ್ಯತೆ, ಬಳಕೆ ನಿತ್ಯವಾಗಿ ಕನ್ನಡ ಜಗತ್ತಿನಾದ್ಯಂತ ವಿಸ್ತರಿಸಬೇಕಾದ್ದಾಗಿದೆ. ಸಮಾಜಮುಖಿಯಾಗಿದೆ. ಕನ್ನಡವು ಅನಾದಿಕಾಲದಿಂದಲೂ ವಿದ್ಯಾರ್ಥಿಗಳು ಮನಸ್ಸು ಮಾಡಿದರೆ ಕಲೆ, ಸಾಹಿತ್ಯ, ಸಂಗೀತ, ವಿಜ್ಞಾನ, ಸಮಾಜಶಾಸ್ತ್ರ, ವೈದ್ಯಕೀಯಶಾಸ್ತ್ರ, ಭೂಗೋಳಶಾಸ್ತ್ರ ಹೀಗೆ ಎಲ್ಲವನ್ನೂ ಕನ್ನಡದಲ್ಲಿ ಅಭ್ಯಾಸ ಮಾಡಬಹುದು. ಕನ್ನಡ ಭಾಷೆ ಅಂತಹ ಪರಿಪೂರ್ಣ ಭಾಷೆಯಾಗಿದೆ ಭಾಷೆಯಿಂದ ಬದುಕು ಕಟ್ಟಿಕೊಳ್ಳಬೇಕು ಎಂದು ಉಪನ್ಯಾಸಕ ಡಾ.ಹೆಚ್.ಹರೀಶ್‌ಕುಮಾರ್ ತಿಳಿಸಿದರು. ನಗರದ ಪವನ ಗ್ಲೋಬಲ್ ಟ್ರಸ್ಟ್ ಅಂಗಸಂಸ್ಥೆಯಾದ ಅಕ್ಷರ ಅಕ್ಷರ ಸ್ಕೂಲ್
ವತಿಯಿಂದ ಅನನ್ಯ ಅಭಿಜ್ಞಾ ಕನ್ನಡದ ಸಂಭ್ರಮದ ಕಾರ್ಯಕ್ರಮವನ್ನು ಉದ್ಘಾಟಿಸಿ ಡಾ.ಹೆಚ್. ಕಾಲೇಜಿನ ಕನ್ನಡ ಪ್ರಾಂಶುಪಾಲರು ನ.6 ರಂದು ಗುರುವಾರ ಬೆಳಗ್ಗೆ 11 ಗಂಟೆಗೆ ಕಾಲೇಜಿನ ಸಭಾಂಗಣದಲ್ಲಿ ಕಾರ್ಯಕ್ರಮವನ್ನು ಹಮ್ಮಿಕೊಳ್ಳಲಾಗಿತ್ತು
ಕಾರ್ಯಕ್ರಮವನ್ನು ಉದ್ಘಾಟಿಸಿದ ಡಾ.ಹೆಚ್. ಕಾರ್ಯಕ್ರಮದಲ್ಲಿ ಪ್ರಾಂಶುಪಾಲರು ಕನ್ನಡ ಭಾಷೆಯನ್ನು ಉಳಿಸುವುದು ಕರ್ತವ್ಯವಾಗಿದೆ. ನಮ್ಮಲ್ಲಿರ ಕರ್ತವ್ಯವಾಗಿದೆ. ಸುಮಾರು 20ಕ್ಕೂ ಹೆಚ್ಚು ಕಾಲೇಜಿನ ಸುಮಾರು 150ಕ್ಕೂ ಹೆಚ್ಚು
ವಿದ್ಯಾರ್ಥಿಗಳು ಈ ಪ್ರಬಂಧ ಸ್ಪರ್ಧೆಯಲ್ಲಿ ಭಾಗವಹಿಸಿದ್ದರು. ವಿವಿಧ ಕಾಲೇಜುಗಳಿಂದ ಆಗಮಿಸಿದ್ದ ಉಪನ್ಯಾಸಕರುಗಳನ್ನು ಹಾಗೂ ಕಾಲೇಜಿನ ನೌಕರರನ್ನು ಸನ್ಮಾನಿಸಲಾಯಿತು. ಕಾರ್ಯಕ್ರಮದಲ್ಲಿ ತುಮಕೂರಿನ ಮಹಿಳಾ ಕಾಲೇಜಿನ ಡಾ.ಸಿ.ಸಿ.ಪಾವಟೆ, ಅನನ್ಯ ಕಾಲೇಜಿನ ಪ್ರಾಂಶುಪಾಲರಾದ ಡಾ.ಎಂ.ಎಸ್.ವಿಶ್ವಾಸ್, ಅನನ್ಯ ಕಾಲೇಜಿನ ಬಿ.ಕಾಂ ವಿಭಾಗ ಮುಖ್ಯಸ್ಥರು, ವಿದ್ಯಾರ್ಥಿಗಳು ಹಾಗೂ ಪೋಷಕರು ಉಪಸ್ಥಿತರಿದ್ದರು. ಬಿಸಿಎ ವಿಭಾಗದ ಮುಖ್ಯಸ್ಥರಾದ ಶ್ರೀ ಇರ್ಫಾನ್ ಅಹಮದ್, ಕನ್ನಡ ಸಹಾಯಕ ಪ್ರಾಧ್ಯಾಪಕರಾದ ಪ್ರೊ.ಶಿವಕುಮಾರ್ ಸೇರಿದಂತೆ ಕಾಲೇಜಿನ ಎಲ್ಲಾ ಬೋಧಕ ವರ್ಗದವರು ಸ್ಥಿತಿಯಲ್ಲಿ ಬೋಧಕೇತರ ವರ್ಗದವರು ಹಾಜರಿದ್ದರು.
EDITOR, PUBLISHER, PRINTER & OWNED BY: H.S.PARAMESH, SRI LAKSHMI NARASIMHA OFFSET PRINTERS, 7TH CROSS, SRIRAMA NAGAR, TUMKUR, DIST-TUMKUR,
KARNATAKA, PRINTED AT: SRI LAKSHMI NARASIMHA OFFSET PRINTERS, 7TH CROSS, SRIRAMA NAGAR, TUMKUR, DIST-TUMKUR, KARNATAKA,
